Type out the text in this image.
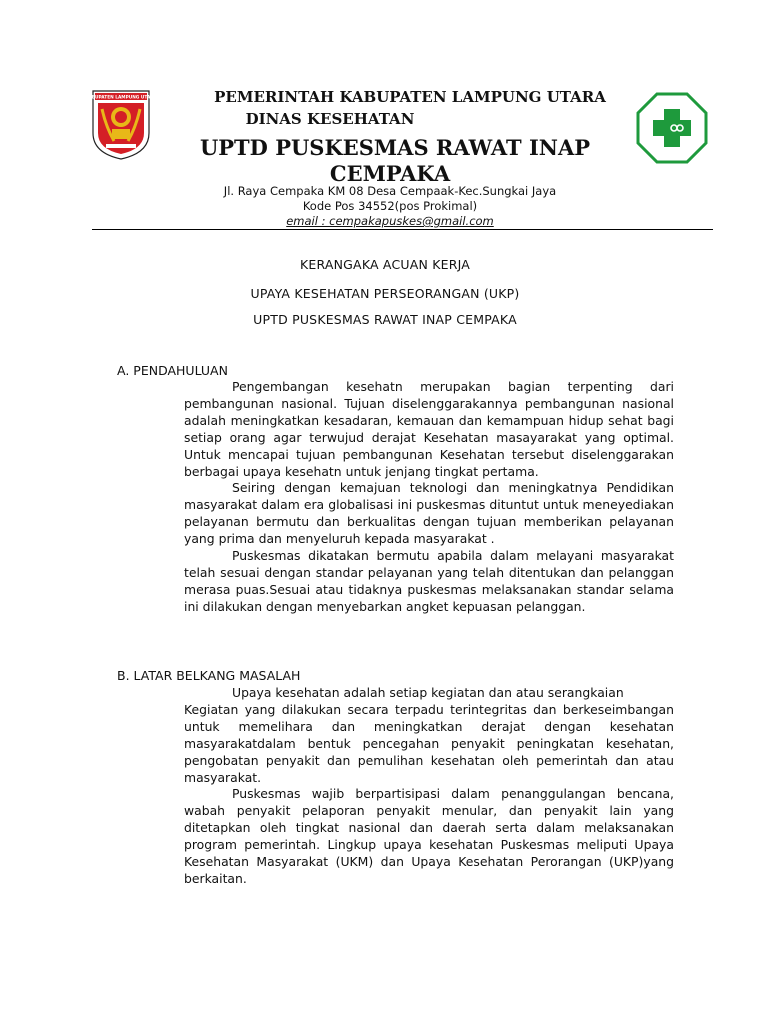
KABUPATEN LAMPUNG UTARA	PEMERINTAH KABUPATEN LAMPUNG UTARA
DINAS KESEHATAN
UPTD PUSKESMAS RAWAT INAP
CEMPAKA
Jl. Raya Cempaka KM 08 Desa Cempaak-Kec.Sungkai Jaya
Kode Pos 34552(pos Prokimal)
email : cempakapuskes@gmail.com
KERANGAKA ACUAN KERJA
UPAYA KESEHATAN PERSEORANGAN (UKP)
UPTD PUSKESMAS RAWAT INAP CEMPAKA
A. PENDAHULUAN

Pengembangan kesehatn merupakan bagian terpenting dari pembangunan nasional. Tujuan diselenggarakannya pembangunan nasional adalah meningkatkan kesadaran, kemauan dan kemampuan hidup sehat bagi setiap orang agar terwujud derajat Kesehatan masayarakat yang optimal. Untuk mencapai tujuan pembangunan Kesehatan tersebut diselenggarakan berbagai upaya kesehatn untuk jenjang tingkat pertama.

Seiring dengan kemajuan teknologi dan meningkatnya Pendidikan masyarakat dalam era globalisasi ini puskesmas dituntut untuk meneyediakan pelayanan bermutu dan berkualitas dengan tujuan memberikan pelayanan yang prima dan menyeluruh kepada masyarakat .

Puskesmas dikatakan bermutu apabila dalam melayani masyarakat telah sesuai dengan standar pelayanan yang telah ditentukan dan pelanggan merasa puas.Sesuai atau tidaknya puskesmas melaksanakan standar selama ini dilakukan dengan menyebarkan angket kepuasan pelanggan.

B. LATAR BELKANG MASALAH

Upaya kesehatan adalah setiap kegiatan dan atau serangkaian

Kegiatan yang dilakukan secara terpadu terintegritas dan berkeseimbangan untuk memelihara dan meningkatkan derajat dengan kesehatan masyarakatdalam bentuk pencegahan penyakit peningkatan kesehatan, pengobatan penyakit dan pemulihan kesehatan oleh pemerintah dan atau masyarakat.

Puskesmas wajib berpartisipasi dalam penanggulangan bencana, wabah penyakit pelaporan penyakit menular, dan penyakit lain yang ditetapkan oleh tingkat nasional dan daerah serta dalam melaksanakan program pemerintah. Lingkup upaya kesehatan Puskesmas meliputi Upaya Kesehatan Masyarakat (UKM) dan Upaya Kesehatan Perorangan (UKP)yang berkaitan.
